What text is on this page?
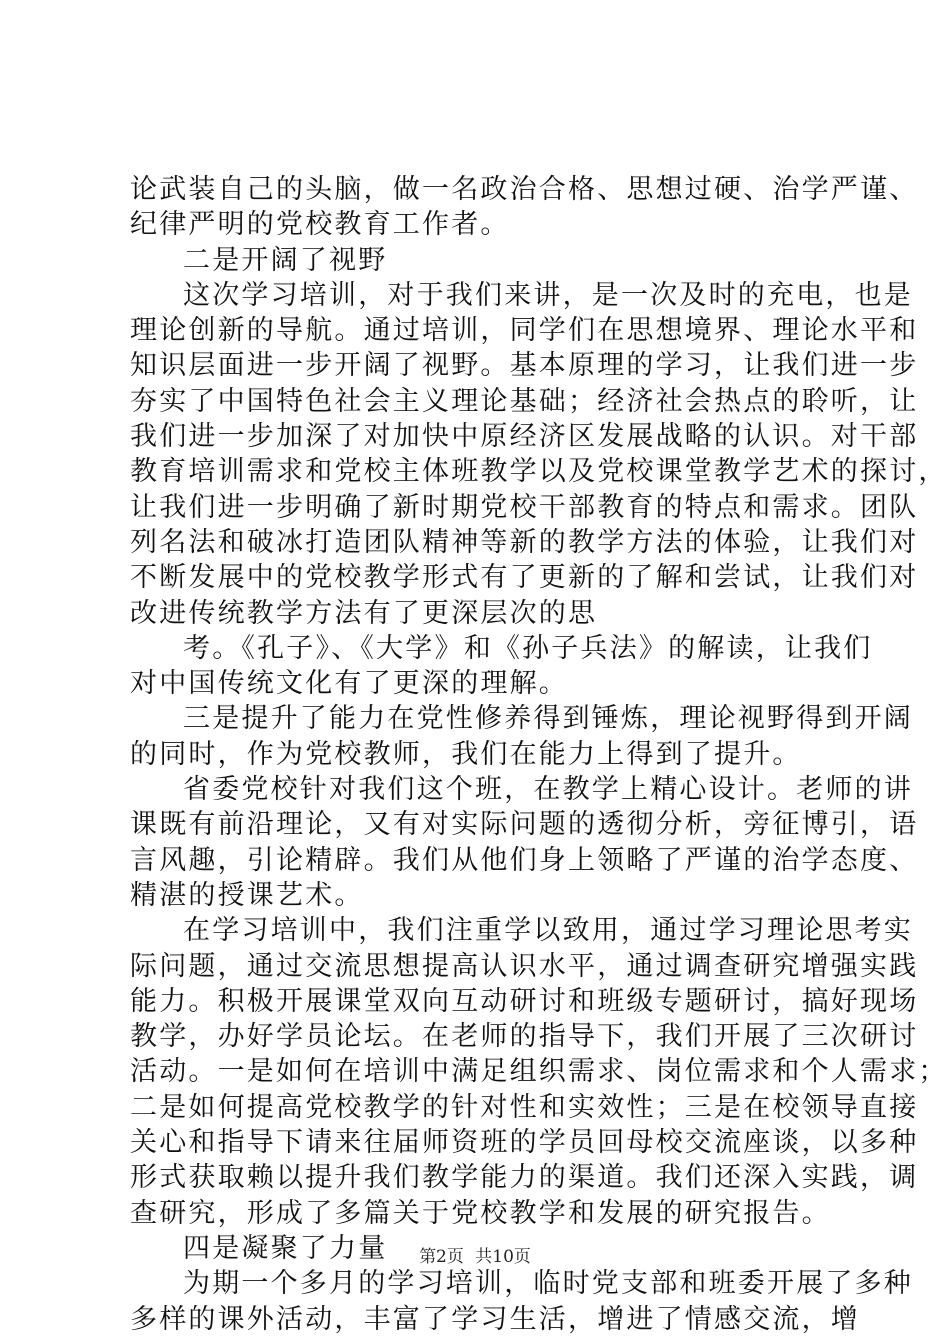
论武装自己的头脑，做一名政治合格、思想过硬、治学严谨、
纪律严明的党校教育工作者。
二是开阔了视野
这次学习培训，对于我们来讲，是一次及时的充电，也是
理论创新的导航。通过培训，同学们在思想境界、理论水平和
知识层面进一步开阔了视野。基本原理的学习，让我们进一步
夯实了中国特色社会主义理论基础；经济社会热点的聆听，让
我们进一步加深了对加快中原经济区发展战略的认识。对干部
教育培训需求和党校主体班教学以及党校课堂教学艺术的探讨，
让我们进一步明确了新时期党校干部教育的特点和需求。团队
列名法和破冰打造团队精神等新的教学方法的体验，让我们对
不断发展中的党校教学形式有了更新的了解和尝试，让我们对
改进传统教学方法有了更深层次的思
考。《孔子》、《大学》和《孙子兵法》的解读，让我们
对中国传统文化有了更深的理解。
三是提升了能力在党性修养得到锤炼，理论视野得到开阔
的同时，作为党校教师，我们在能力上得到了提升。
省委党校针对我们这个班，在教学上精心设计。老师的讲
课既有前沿理论，又有对实际问题的透彻分析，旁征博引，语
言风趣，引论精辟。我们从他们身上领略了严谨的治学态度、
精湛的授课艺术。
在学习培训中，我们注重学以致用，通过学习理论思考实
际问题，通过交流思想提高认识水平，通过调查研究增强实践
能力。积极开展课堂双向互动研讨和班级专题研讨，搞好现场
教学，办好学员论坛。在老师的指导下，我们开展了三次研讨
活动。一是如何在培训中满足组织需求、岗位需求和个人需求；
二是如何提高党校教学的针对性和实效性；三是在校领导直接
关心和指导下请来往届师资班的学员回母校交流座谈，以多种
形式获取赖以提升我们教学能力的渠道。我们还深入实践，调
查研究，形成了多篇关于党校教学和发展的研究报告。
四是凝聚了力量
为期一个多月的学习培训，临时党支部和班委开展了多种
多样的课外活动，丰富了学习生活，增进了情感交流，增
第2页 共10页
